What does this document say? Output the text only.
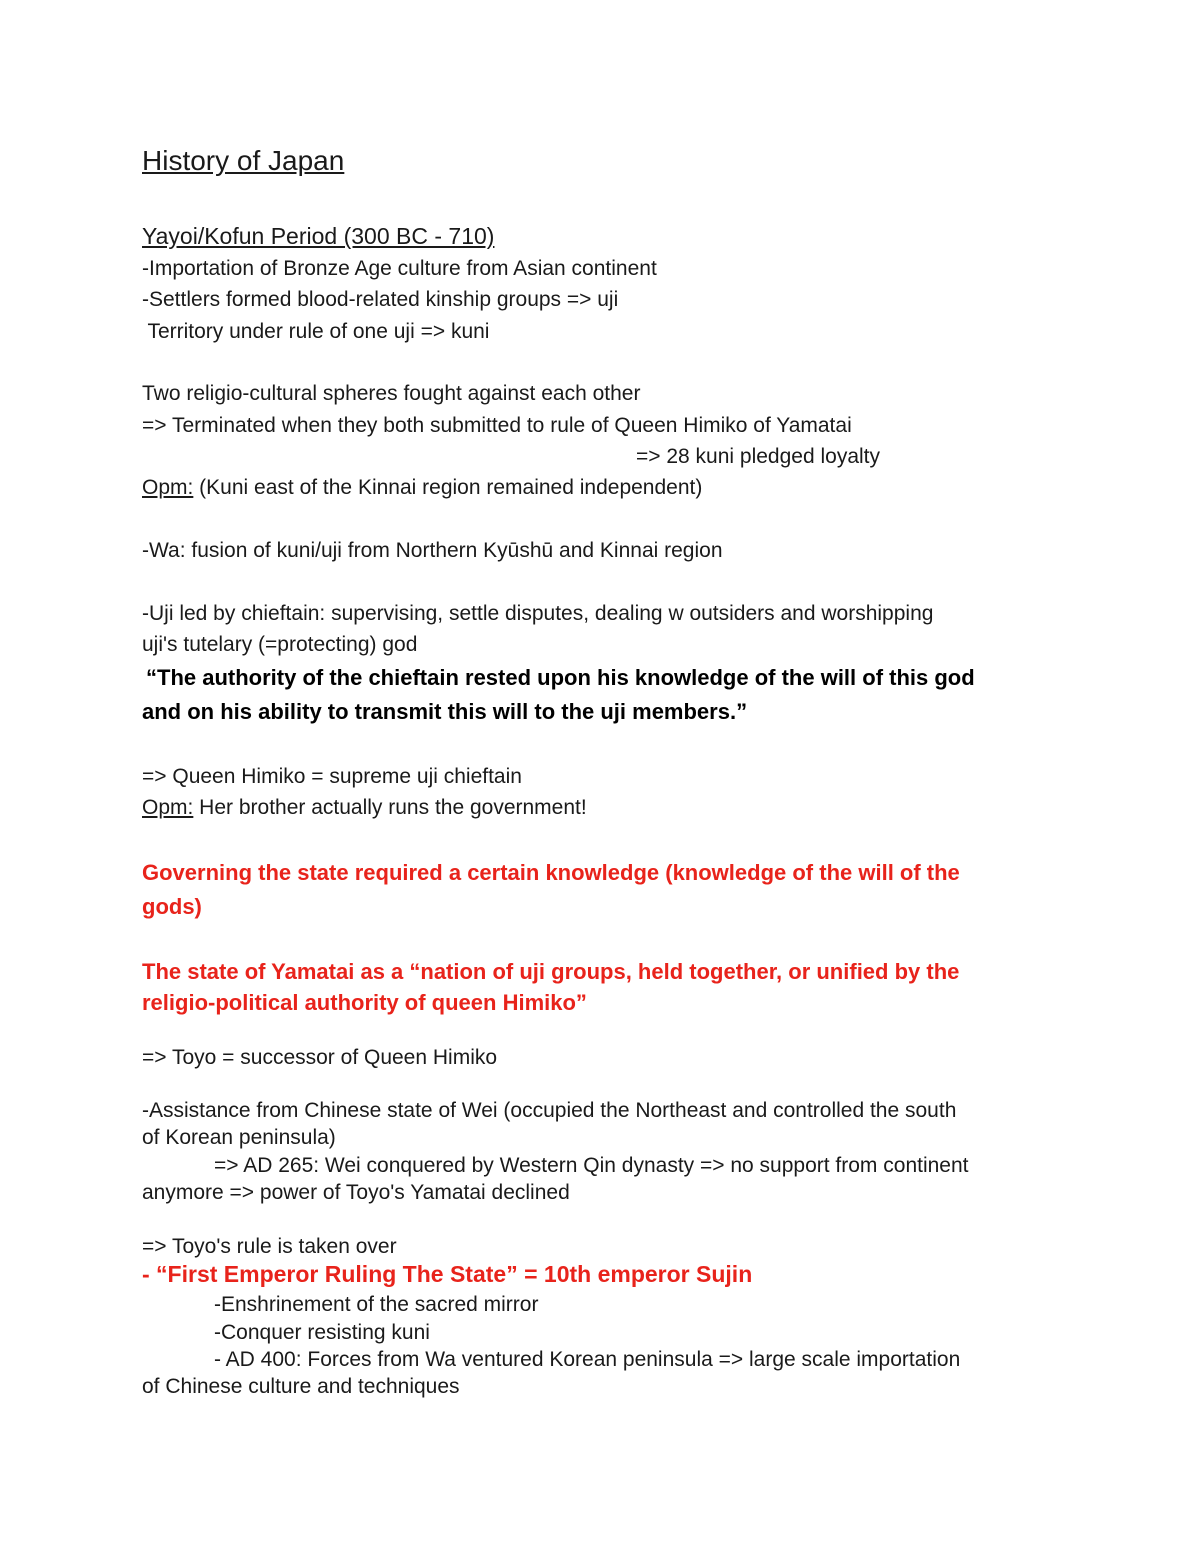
History of Japan
Yayoi/Kofun Period (300 BC - 710)
-Importation of Bronze Age culture from Asian continent
-Settlers formed blood-related kinship groups => uji
Territory under rule of one uji => kuni
Two religio-cultural spheres fought against each other
=> Terminated when they both submitted to rule of Queen Himiko of Yamatai
=> 28 kuni pledged loyalty
Opm: (Kuni east of the Kinnai region remained independent)
-Wa: fusion of kuni/uji from Northern Kyūshū and Kinnai region
-Uji led by chieftain: supervising, settle disputes, dealing w outsiders and worshipping
uji's tutelary (=protecting) god
“The authority of the chieftain rested upon his knowledge of the will of this god
and on his ability to transmit this will to the uji members.”
=> Queen Himiko = supreme uji chieftain
Opm: Her brother actually runs the government!
Governing the state required a certain knowledge (knowledge of the will of the
gods)
The state of Yamatai as a “nation of uji groups, held together, or unified by the
religio-political authority of queen Himiko”
=> Toyo = successor of Queen Himiko
-Assistance from Chinese state of Wei (occupied the Northeast and controlled the south
of Korean peninsula)
=> AD 265: Wei conquered by Western Qin dynasty => no support from continent
anymore => power of Toyo's Yamatai declined
=> Toyo's rule is taken over
- “First Emperor Ruling The State” = 10th emperor Sujin
-Enshrinement of the sacred mirror
-Conquer resisting kuni
- AD 400: Forces from Wa ventured Korean peninsula => large scale importation
of Chinese culture and techniques
